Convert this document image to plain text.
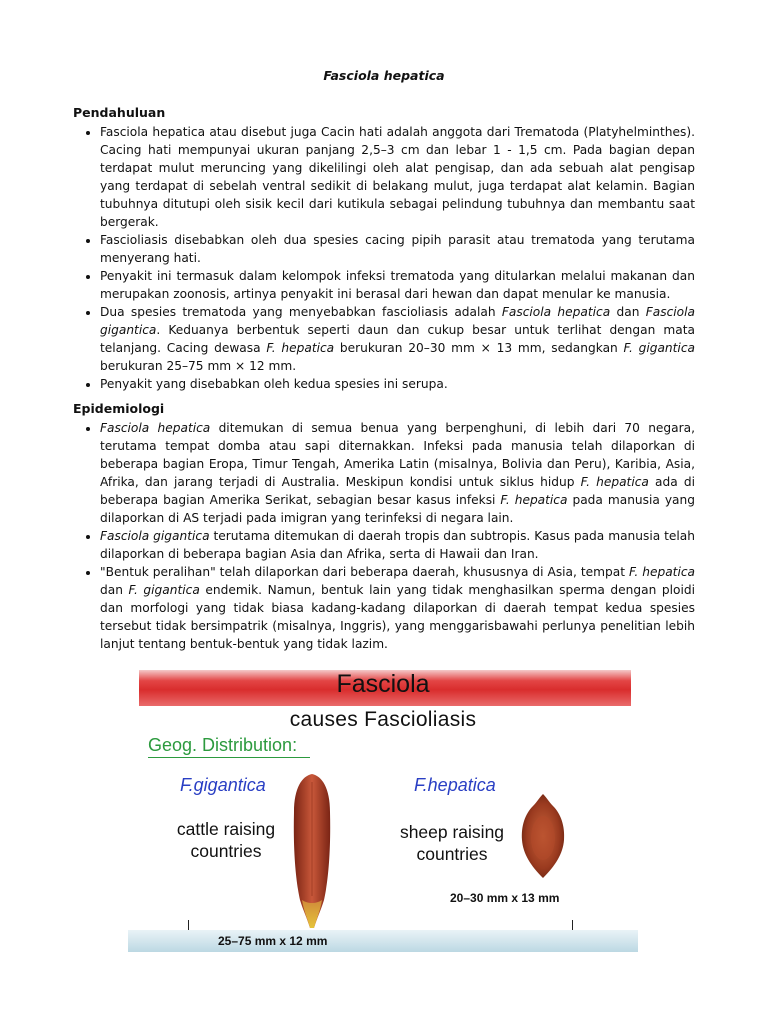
Fasciola hepatica
Pendahuluan
• Fasciola hepatica atau disebut juga Cacin hati adalah anggota dari Trematoda (Platyhelminthes). Cacing hati mempunyai ukuran panjang 2,5–3 cm dan lebar 1 - 1,5 cm. Pada bagian depan terdapat mulut meruncing yang dikelilingi oleh alat pengisap, dan ada sebuah alat pengisap yang terdapat di sebelah ventral sedikit di belakang mulut, juga terdapat alat kelamin. Bagian tubuhnya ditutupi oleh sisik kecil dari kutikula sebagai pelindung tubuhnya dan membantu saat bergerak.
• Fascioliasis disebabkan oleh dua spesies cacing pipih parasit atau trematoda yang terutama menyerang hati.
• Penyakit ini termasuk dalam kelompok infeksi trematoda yang ditularkan melalui makanan dan merupakan zoonosis, artinya penyakit ini berasal dari hewan dan dapat menular ke manusia.
• Dua spesies trematoda yang menyebabkan fascioliasis adalah Fasciola hepatica dan Fasciola gigantica. Keduanya berbentuk seperti daun dan cukup besar untuk terlihat dengan mata telanjang. Cacing dewasa F. hepatica berukuran 20–30 mm × 13 mm, sedangkan F. gigantica berukuran 25–75 mm × 12 mm.
• Penyakit yang disebabkan oleh kedua spesies ini serupa.
Epidemiologi
• Fasciola hepatica ditemukan di semua benua yang berpenghuni, di lebih dari 70 negara, terutama tempat domba atau sapi diternakkan. Infeksi pada manusia telah dilaporkan di beberapa bagian Eropa, Timur Tengah, Amerika Latin (misalnya, Bolivia dan Peru), Karibia, Asia, Afrika, dan jarang terjadi di Australia. Meskipun kondisi untuk siklus hidup F. hepatica ada di beberapa bagian Amerika Serikat, sebagian besar kasus infeksi F. hepatica pada manusia yang dilaporkan di AS terjadi pada imigran yang terinfeksi di negara lain.
• Fasciola gigantica terutama ditemukan di daerah tropis dan subtropis. Kasus pada manusia telah dilaporkan di beberapa bagian Asia dan Afrika, serta di Hawaii dan Iran.
• "Bentuk peralihan" telah dilaporkan dari beberapa daerah, khususnya di Asia, tempat F. hepatica dan F. gigantica endemik. Namun, bentuk lain yang tidak menghasilkan sperma dengan ploidi dan morfologi yang tidak biasa kadang-kadang dilaporkan di daerah tempat kedua spesies tersebut tidak bersimpatrik (misalnya, Inggris), yang menggarisbawahi perlunya penelitian lebih lanjut tentang bentuk-bentuk yang tidak lazim.
Fasciola
causes Fascioliasis
Geog. Distribution:
F.gigantica
cattle raising
countries
F.hepatica
sheep raising
countries
20–30 mm x 13 mm
25–75 mm x 12 mm
